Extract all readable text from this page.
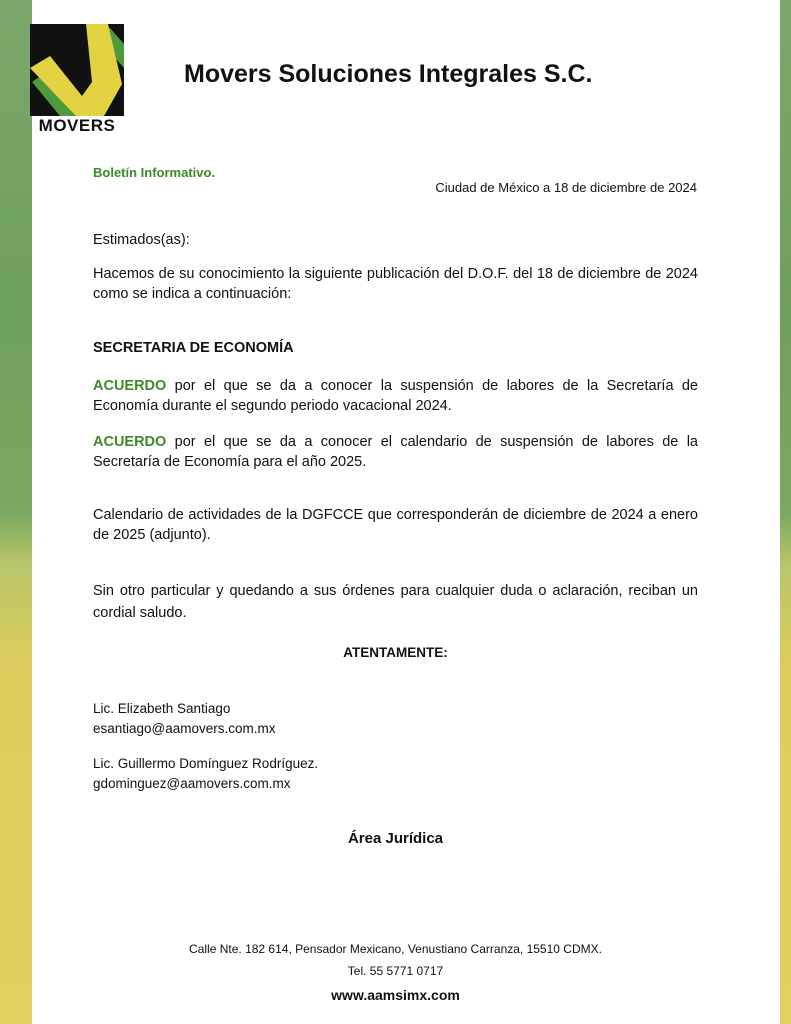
MOVERS
Movers Soluciones Integrales S.C.
Boletín Informativo.
Ciudad de México a 18 de diciembre de 2024
Estimados(as):
Hacemos de su conocimiento la siguiente publicación del D.O.F. del 18 de diciembre de 2024 como se indica a continuación:
SECRETARIA DE ECONOMÍA
ACUERDO por el que se da a conocer la suspensión de labores de la Secretaría de Economía durante el segundo periodo vacacional 2024.
ACUERDO por el que se da a conocer el calendario de suspensión de labores de la Secretaría de Economía para el año 2025.
Calendario de actividades de la DGFCCE que corresponderán de diciembre de 2024 a enero de 2025 (adjunto).
Sin otro particular y quedando a sus órdenes para cualquier duda o aclaración, reciban un cordial saludo.
ATENTAMENTE:
Lic. Elizabeth Santiago
esantiago@aamovers.com.mx
Lic. Guillermo Domínguez Rodríguez.
gdominguez@aamovers.com.mx
Área Jurídica
Calle Nte. 182 614, Pensador Mexicano, Venustiano Carranza, 15510 CDMX.
Tel. 55 5771 0717
www.aamsimx.com
